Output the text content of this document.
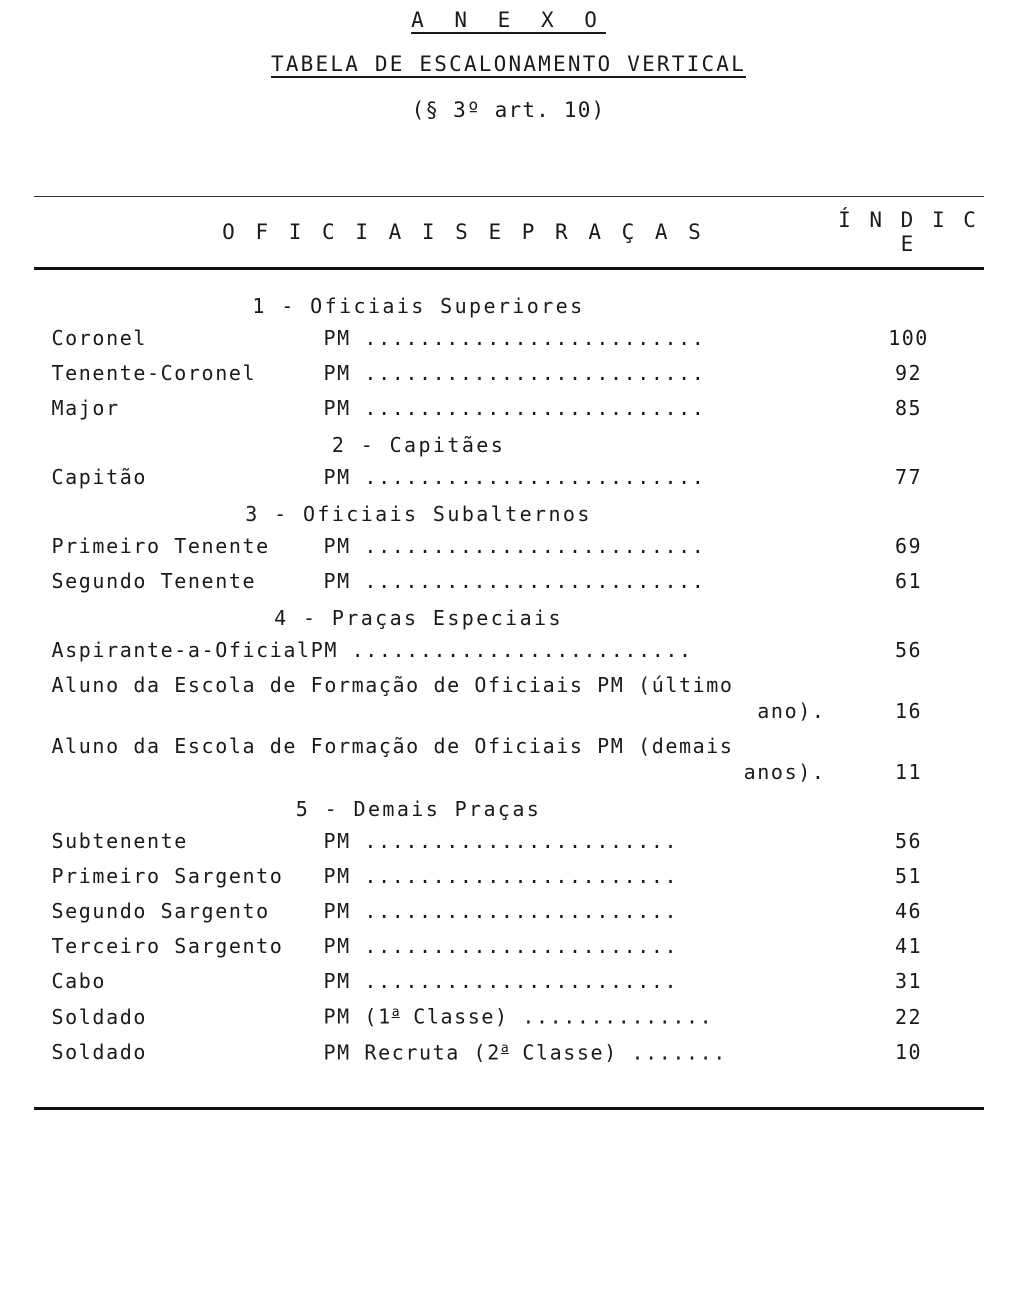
A N E X O
TABELA DE ESCALONAMENTO VERTICAL
(§ 3º art. 10)
O F I C I A I S E P R A Ç A S	Í N D I C E
1 - Oficiais Superiores
Coronel	PM .........................	100
Tenente-Coronel	PM .........................	92
Major	PM .........................	85
2 - Capitães
Capitão	PM .........................	77
3 - Oficiais Subalternos
Primeiro Tenente	PM .........................	69
Segundo Tenente	PM .........................	61
4 - Praças Especiais
Aspirante-a-Oficial PM .........................	56
Aluno da Escola de Formação de Oficiais PM (último
ano).	16
Aluno da Escola de Formação de Oficiais PM (demais
anos).	11
5 - Demais Praças
Subtenente	PM .......................	56
Primeiro Sargento	PM .......................	51
Segundo Sargento	PM .......................	46
Terceiro Sargento	PM .......................	41
Cabo	PM .......................	31
Soldado	PM (1$^a$ Classe) ..............	22
Soldado	PM Recruta (2$^a$ Classe) .......	10
